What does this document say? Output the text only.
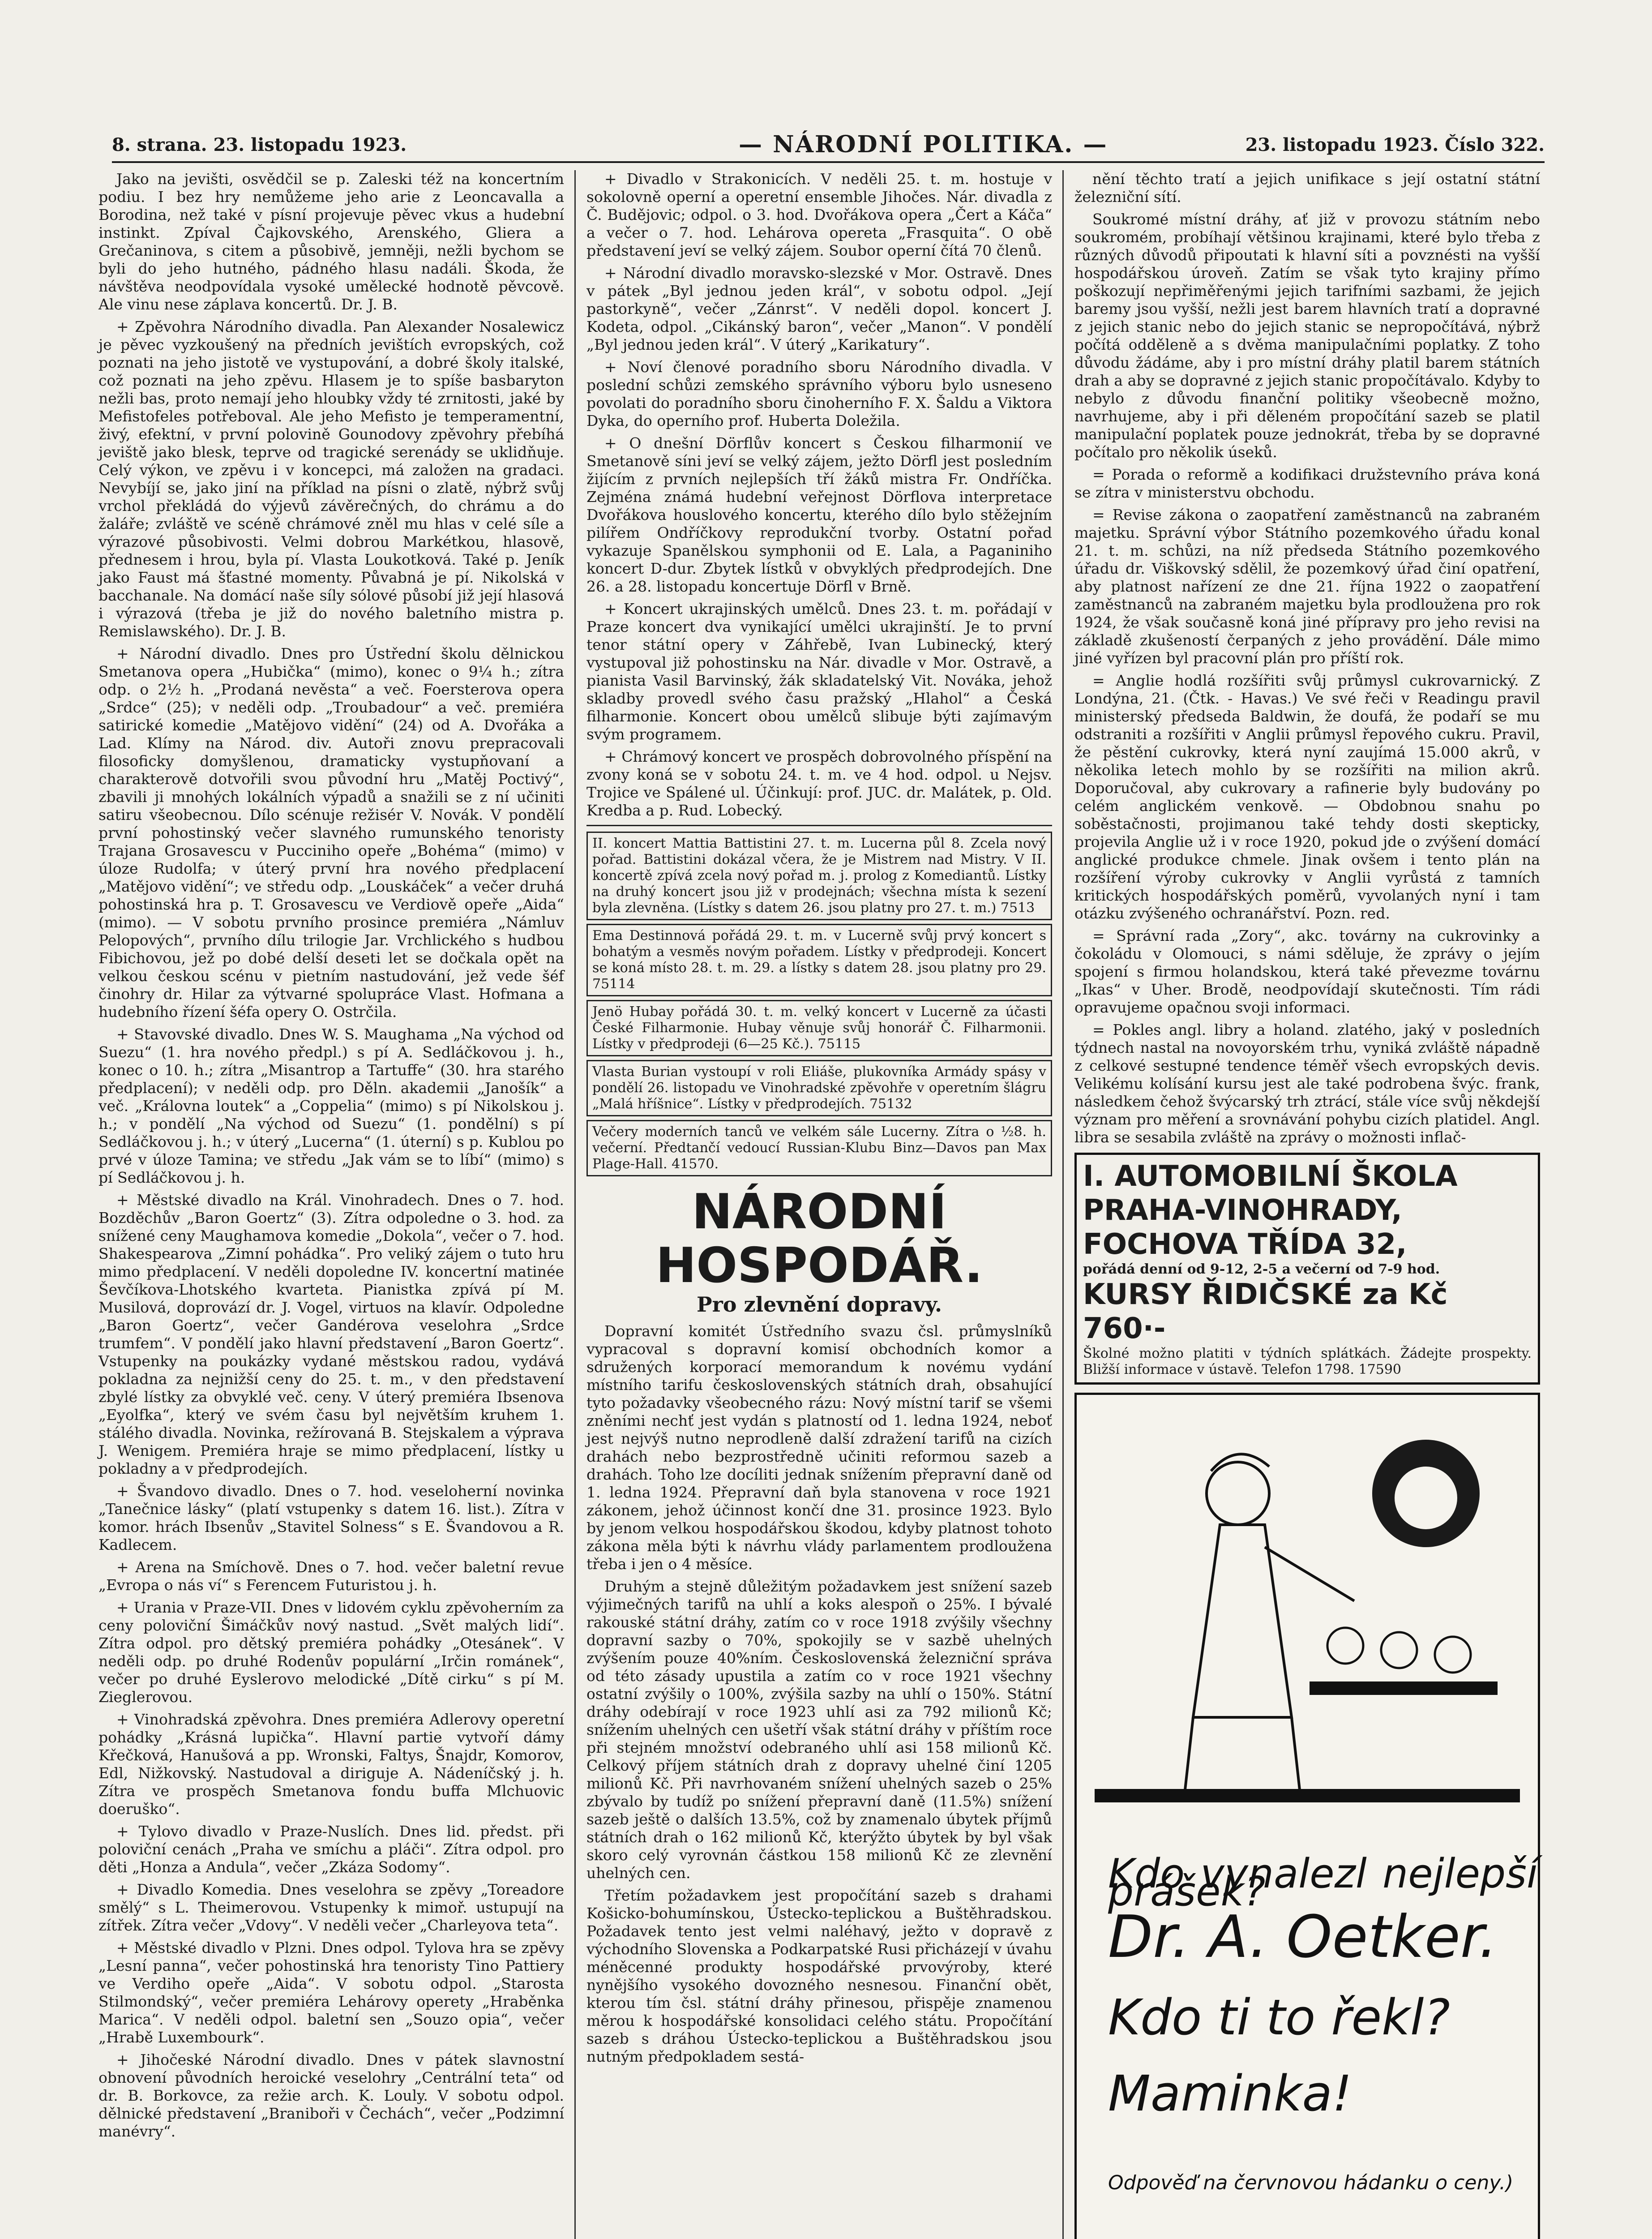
8. strana. 23. listopadu 1923.	— NÁRODNÍ POLITIKA. —	23. listopadu 1923. Číslo 322.

Jako na jevišti, osvědčil se p. Zaleski též na koncertním podiu. I bez hry nemůžeme jeho arie z Leoncavalla a Borodina, než také v písní projevuje pěvec vkus a hudební instinkt. Zpíval Čajkovského, Arenského, Gliera a Grečaninova, s citem a působivě, jemněji, nežli bychom se byli do jeho hutného, pádného hlasu nadáli. Škoda, že návštěva neodpovídala vysoké umělecké hodnotě pěvcově. Ale vinu nese záplava koncertů. Dr. J. B.

+ Zpěvohra Národního divadla. Pan Alexander Nosalewicz je pěvec vyzkoušený na předních jevištích evropských, což poznati na jeho jistotě ve vystupování, a dobré školy italské, což poznati na jeho zpěvu. Hlasem je to spíše basbaryton nežli bas, proto nemají jeho hloubky vždy té zrnitosti, jaké by Mefistofeles potřeboval. Ale jeho Mefisto je temperamentní, živý, efektní, v první polovině Gounodovy zpěvohry přebíhá jeviště jako blesk, teprve od tragické serenády se uklidňuje. Celý výkon, ve zpěvu i v koncepci, má založen na gradaci. Nevybíjí se, jako jiní na příklad na písni o zlatě, nýbrž svůj vrchol překládá do výjevů závěrečných, do chrámu a do žaláře; zvláště ve scéně chrámové zněl mu hlas v celé síle a výrazové působivosti. Velmi dobrou Markétkou, hlasově, přednesem i hrou, byla pí. Vlasta Loukotková. Také p. Jeník jako Faust má šťastné momenty. Půvabná je pí. Nikolská v bacchanale. Na domácí naše síly sólové působí již její hlasová i výrazová (třeba je již do nového baletního mistra p. Remislawského). Dr. J. B.

+ Národní divadlo. Dnes pro Ústřední školu dělnickou Smetanova opera „Hubička“ (mimo), konec o 9¼ h.; zítra odp. o 2½ h. „Prodaná nevěsta“ a več. Foersterova opera „Srdce“ (25); v neděli odp. „Troubadour“ a več. premiéra satirické komedie „Matějovo vidění“ (24) od A. Dvořáka a Lad. Klímy na Národ. div. Autoři znovu prepracovali filosoficky domyšlenou, dramaticky vystupňovaní a charakterově dotvořili svou původní hru „Matěj Poctivý“, zbavili ji mnohých lokálních výpadů a snažili se z ní učiniti satiru všeobecnou. Dílo scénuje režisér V. Novák. V pondělí první pohostinský večer slavného rumunského tenoristy Trajana Grosavescu v Pucciniho opeře „Bohéma“ (mimo) v úloze Rudolfa; v úterý první hra nového předplacení „Matějovo vidění“; ve středu odp. „Louskáček“ a večer druhá pohostinská hra p. T. Grosavescu ve Verdiově opeře „Aida“ (mimo). — V sobotu prvního prosince premiéra „Námluv Pelopových“, prvního dílu trilogie Jar. Vrchlického s hudbou Fibichovou, jež po dobé delší deseti let se dočkala opět na velkou českou scénu v pietním nastudování, jež vede šéf činohry dr. Hilar za výtvarné spolupráce Vlast. Hofmana a hudebního řízení šéfa opery O. Ostrčila.

+ Stavovské divadlo. Dnes W. S. Maughama „Na východ od Suezu“ (1. hra nového předpl.) s pí A. Sedláčkovou j. h., konec o 10. h.; zítra „Misantrop a Tartuffe“ (30. hra starého předplacení); v neděli odp. pro Děln. akademii „Janošík“ a več. „Královna loutek“ a „Coppelia“ (mimo) s pí Nikolskou j. h.; v pondělí „Na východ od Suezu“ (1. pondělní) s pí Sedláčkovou j. h.; v úterý „Lucerna“ (1. úterní) s p. Kublou po prvé v úloze Tamina; ve středu „Jak vám se to líbí“ (mimo) s pí Sedláčkovou j. h.

+ Městské divadlo na Král. Vinohradech. Dnes o 7. hod. Bozděchův „Baron Goertz“ (3). Zítra odpoledne o 3. hod. za snížené ceny Maughamova komedie „Dokola“, večer o 7. hod. Shakespearova „Zimní pohádka“. Pro veliký zájem o tuto hru mimo předplacení. V neděli dopoledne IV. koncertní matinée Ševčíkova-Lhotského kvarteta. Pianistka zpívá pí M. Musilová, doprovází dr. J. Vogel, virtuos na klavír. Odpoledne „Baron Goertz“, večer Gandérova veselohra „Srdce trumfem“. V pondělí jako hlavní představení „Baron Goertz“. Vstupenky na poukázky vydané městskou radou, vydává pokladna za nejnižší ceny do 25. t. m., v den představení zbylé lístky za obvyklé več. ceny. V úterý premiéra Ibsenova „Eyolfka“, který ve svém času byl největším kruhem 1. stálého divadla. Novinka, režírovaná B. Stejskalem a výprava J. Wenigem. Premiéra hraje se mimo předplacení, lístky u pokladny a v předprodejích.

+ Švandovo divadlo. Dnes o 7. hod. veseloherní novinka „Tanečnice lásky“ (platí vstupenky s datem 16. list.). Zítra v komor. hrách Ibsenův „Stavitel Solness“ s E. Švandovou a R. Kadlecem.

+ Arena na Smíchově. Dnes o 7. hod. večer baletní revue „Evropa o nás ví“ s Ferencem Futuristou j. h.

+ Urania v Praze-VII. Dnes v lidovém cyklu zpěvoherním za ceny poloviční Šimáčkův nový nastud. „Svět malých lidí“. Zítra odpol. pro dětský premiéra pohádky „Otesánek“. V neděli odp. po druhé Rodenův populární „Irčin románek“, večer po druhé Eyslerovo melodické „Dítě cirku“ s pí M. Zieglerovou.

+ Vinohradská zpěvohra. Dnes premiéra Adlerovy operetní pohádky „Krásná lupička“. Hlavní partie vytvoří dámy Křečková, Hanušová a pp. Wronski, Faltys, Šnajdr, Komorov, Edl, Nižkovský. Nastudoval a diriguje A. Nádeníčský j. h. Zítra ve prospěch Smetanova fondu buffa Mlchuovic doeruško“.

+ Tylovo divadlo v Praze-Nuslích. Dnes lid. předst. při poloviční cenách „Praha ve smíchu a pláči“. Zítra odpol. pro děti „Honza a Andula“, večer „Zkáza Sodomy“.

+ Divadlo Komedia. Dnes veselohra se zpěvy „Toreadore smělý“ s L. Theimerovou. Vstupenky k mimoř. ustupují na zítřek. Zítra večer „Vdovy“. V neděli večer „Charleyova teta“.

+ Městské divadlo v Plzni. Dnes odpol. Tylova hra se zpěvy „Lesní panna“, večer pohostinská hra tenoristy Tino Pattiery ve Verdiho opeře „Aida“. V sobotu odpol. „Starosta Stilmondský“, večer premiéra Lehárovy operety „Hraběnka Marica“. V neděli odpol. baletní sen „Souzo opia“, večer „Hrabě Luxembourk“.

+ Jihočeské Národní divadlo. Dnes v pátek slavnostní obnovení původních heroické veselohry „Centrální teta“ od dr. B. Borkovce, za režie arch. K. Louly. V sobotu odpol. dělnické představení „Braniboři v Čechách“, večer „Podzimní manévry“.

+ Divadlo v Strakonicích. V neděli 25. t. m. hostuje v sokolovně operní a operetní ensemble Jihočes. Nár. divadla z Č. Budějovic; odpol. o 3. hod. Dvořákova opera „Čert a Káča“ a večer o 7. hod. Lehárova opereta „Frasquita“. O obě představení jeví se velký zájem. Soubor operní čítá 70 členů.

+ Národní divadlo moravsko-slezské v Mor. Ostravě. Dnes v pátek „Byl jednou jeden král“, v sobotu odpol. „Její pastorkyně“, večer „Zánrst“. V neděli dopol. koncert J. Kodeta, odpol. „Cikánský baron“, večer „Manon“. V pondělí „Byl jednou jeden král“. V úterý „Karikatury“.

+ Noví členové poradního sboru Národního divadla. V poslední schůzi zemského správního výboru bylo usneseno povolati do poradního sboru činoherního F. X. Šaldu a Viktora Dyka, do operního prof. Huberta Doležila.

+ O dnešní Dörflův koncert s Českou filharmonií ve Smetanově síni jeví se velký zájem, ježto Dörfl jest posledním žijícím z prvních nejlepších tří žáků mistra Fr. Ondříčka. Zejména známá hudební veřejnost Dörflova interpretace Dvořákova houslového koncertu, kterého dílo bylo stěžejním pilířem Ondříčkovy reprodukční tvorby. Ostatní pořad vykazuje Spanělskou symphonii od E. Lala, a Paganiniho koncert D-dur. Zbytek lístků v obvyklých předprodejích. Dne 26. a 28. listopadu koncertuje Dörfl v Brně.

+ Koncert ukrajinských umělců. Dnes 23. t. m. pořádají v Praze koncert dva vynikající umělci ukrajinští. Je to první tenor státní opery v Záhřebě, Ivan Lubinecký, který vystupoval již pohostinsku na Nár. divadle v Mor. Ostravě, a pianista Vasil Barvinský, žák skladatelský Vit. Nováka, jehož skladby provedl svého času pražský „Hlahol“ a Česká filharmonie. Koncert obou umělců slibuje býti zajímavým svým programem.

+ Chrámový koncert ve prospěch dobrovolného příspění na zvony koná se v sobotu 24. t. m. ve 4 hod. odpol. u Nejsv. Trojice ve Spálené ul. Účinkují: prof. JUC. dr. Malátek, p. Old. Kredba a p. Rud. Lobecký.

II. koncert Mattia Battistini 27. t. m. Lucerna půl 8. Zcela nový pořad. Battistini dokázal včera, že je Mistrem nad Mistry. V II. koncertě zpívá zcela nový pořad m. j. prolog z Komediantů. Lístky na druhý koncert jsou již v prodejnách; všechna místa k sezení byla zlevněna. (Lístky s datem 26. jsou platny pro 27. t. m.) 7513
Ema Destinnová pořádá 29. t. m. v Lucerně svůj prvý koncert s bohatým a vesměs novým pořadem. Lístky v předprodeji. Koncert se koná místo 28. t. m. 29. a lístky s datem 28. jsou platny pro 29. 75114
Jenö Hubay pořádá 30. t. m. velký koncert v Lucerně za účasti České Filharmonie. Hubay věnuje svůj honorář Č. Filharmonii. Lístky v předprodeji (6—25 Kč.). 75115
Vlasta Burian vystoupí v roli Eliáše, plukovníka Armády spásy v pondělí 26. listopadu ve Vinohradské zpěvohře v operetním šlágru „Malá hříšnice“. Lístky v předprodejích. 75132
Večery moderních tanců ve velkém sále Lucerny. Zítra o ½8. h. večerní. Předtančí vedoucí Russian-Klubu Binz—Davos pan Max Plage-Hall. 41570.
NÁRODNÍ HOSPODÁŘ.
Pro zlevnění dopravy.

Dopravní komitét Ústředního svazu čsl. průmyslníků vypracoval s dopravní komisí obchodních komor a sdružených korporací memorandum k novému vydání místního tarifu československých státních drah, obsahující tyto požadavky všeobecného rázu: Nový místní tarif se všemi zněními nechť jest vydán s platností od 1. ledna 1924, neboť jest nejvýš nutno neprodleně další zdražení tarifů na cizích drahách nebo bezprostředně učiniti reformou sazeb a drahách. Toho lze docíliti jednak snížením přepravní daně od 1. ledna 1924. Přepravní daň byla stanovena v roce 1921 zákonem, jehož účinnost končí dne 31. prosince 1923. Bylo by jenom velkou hospodářskou škodou, kdyby platnost tohoto zákona měla býti k návrhu vlády parlamentem prodloužena třeba i jen o 4 měsíce.

Druhým a stejně důležitým požadavkem jest snížení sazeb výjimečných tarifů na uhlí a koks alespoň o 25%. I bývalé rakouské státní dráhy, zatím co v roce 1918 zvýšily všechny dopravní sazby o 70%, spokojily se v sazbě uhelných zvýšením pouze 40%ním. Československá železniční správa od této zásady upustila a zatím co v roce 1921 všechny ostatní zvýšily o 100%, zvýšila sazby na uhlí o 150%. Státní dráhy odebírají v roce 1923 uhlí asi za 792 milionů Kč; snížením uhelných cen ušetří však státní dráhy v příštím roce při stejném množství odebraného uhlí asi 158 milionů Kč. Celkový příjem státních drah z dopravy uhelné činí 1205 milionů Kč. Při navrhovaném snížení uhelných sazeb o 25% zbývalo by tudíž po snížení přepravní daně (11.5%) snížení sazeb ještě o dalších 13.5%, což by znamenalo úbytek příjmů státních drah o 162 milionů Kč, kterýžto úbytek by byl však skoro celý vyrovnán částkou 158 milionů Kč ze zlevnění uhelných cen.

Třetím požadavkem jest propočítání sazeb s drahami Košicko-bohumínskou, Ústecko-teplickou a Buštěhradskou. Požadavek tento jest velmi naléhavý, ježto v dopravě z východního Slovenska a Podkarpatské Rusi přicházejí v úvahu méněcenné produkty hospodářské prvovýroby, které nynějšího vysokého dovozného nesnesou. Finanční obět, kterou tím čsl. státní dráhy přinesou, přispěje znamenou měrou k hospodářské konsolidaci celého státu. Propočítání sazeb s dráhou Ústecko-teplickou a Buštěhradskou jsou nutným předpokladem sestá-

nění těchto tratí a jejich unifikace s její ostatní státní železniční sítí.

Soukromé místní dráhy, ať již v provozu státním nebo soukromém, probíhají většinou krajinami, které bylo třeba z různých důvodů připoutati k hlavní síti a povznésti na vyšší hospodářskou úroveň. Zatím se však tyto krajiny přímo poškozují nepřiměřenými jejich tarifními sazbami, že jejich baremy jsou vyšší, nežli jest barem hlavních tratí a dopravné z jejich stanic nebo do jejich stanic se nepropočítává, nýbrž počítá odděleně a s dvěma manipulačními poplatky. Z toho důvodu žádáme, aby i pro místní dráhy platil barem státních drah a aby se dopravné z jejich stanic propočítávalo. Kdyby to nebylo z důvodu finanční politiky všeobecně možno, navrhujeme, aby i při děleném propočítání sazeb se platil manipulační poplatek pouze jednokrát, třeba by se dopravné počítalo pro několik úseků.

= Porada o reformě a kodifikaci družstevního práva koná se zítra v ministerstvu obchodu.

= Revise zákona o zaopatření zaměstnanců na zabraném majetku. Správní výbor Státního pozemkového úřadu konal 21. t. m. schůzi, na níž předseda Státního pozemkového úřadu dr. Viškovský sdělil, že pozemkový úřad činí opatření, aby platnost nařízení ze dne 21. října 1922 o zaopatření zaměstnanců na zabraném majetku byla prodloužena pro rok 1924, že však současně koná jiné přípravy pro jeho revisi na základě zkušeností čerpaných z jeho provádění. Dále mimo jiné vyřízen byl pracovní plán pro příští rok.

= Anglie hodlá rozšířiti svůj průmysl cukrovarnický. Z Londýna, 21. (Čtk. - Havas.) Ve své řeči v Readingu pravil ministerský předseda Baldwin, že doufá, že podaří se mu odstraniti a rozšířiti v Anglii průmysl řepového cukru. Pravil, že pěstění cukrovky, která nyní zaujímá 15.000 akrů, v několika letech mohlo by se rozšířiti na milion akrů. Doporučoval, aby cukrovary a rafinerie byly budovány po celém anglickém venkově. — Obdobnou snahu po soběstačnosti, projimanou také tehdy dosti skepticky, projevila Anglie už i v roce 1920, pokud jde o zvýšení domácí anglické produkce chmele. Jinak ovšem i tento plán na rozšíření výroby cukrovky v Anglii vyrůstá z tamních kritických hospodářských poměrů, vyvolaných nyní i tam otázku zvýšeného ochranářství. Pozn. red.

= Správní rada „Zory“, akc. továrny na cukrovinky a čokoládu v Olomouci, s námi sděluje, že zprávy o jejím spojení s firmou holandskou, která také převezme továrnu „Ikas“ v Uher. Brodě, neodpovídají skutečnosti. Tím rádi opravujeme opačnou svoji informaci.

= Pokles angl. libry a holand. zlatého, jaký v posledních týdnech nastal na novoyorském trhu, vyniká zvláště nápadně z celkové sestupné tendence téměř všech evropských devis. Velikému kolísání kursu jest ale také podrobena švýc. frank, následkem čehož švýcarský trh ztrácí, stále více svůj někdejší význam pro měření a srovnávání pohybu cizích platidel. Angl. libra se sesabila zvláště na zprávy o možnosti inflač-

I. AUTOMOBILNÍ ŠKOLA
PRAHA-VINOHRADY, FOCHOVA TŘÍDA 32,
pořádá denní od 9-12, 2-5 a večerní od 7-9 hod.
KURSY ŘIDIČSKÉ za Kč 760·-
Školné možno platiti v týdních splátkách. Žádejte prospekty. Bližší informace v ústavě. Telefon 1798. 17590
Kdo vynalezl nejlepší prášek?
Dr. A. Oetker.
Kdo ti to řekl?
Maminka!
Odpověď na červnovou hádanku o ceny.)
